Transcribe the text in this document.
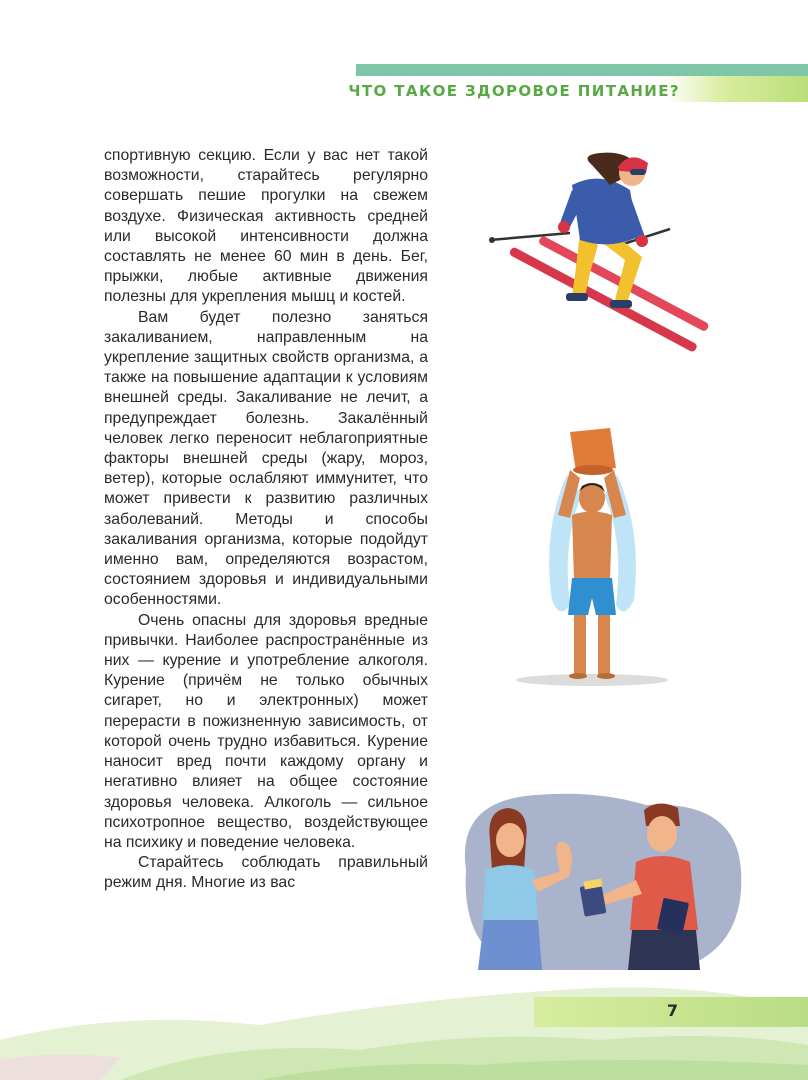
ЧТО ТАКОЕ ЗДОРОВОЕ ПИТАНИЕ?

спортивную секцию. Если у вас нет такой возможности, старайтесь регулярно совершать пешие прогулки на свежем воздухе. Физическая активность средней или высокой интенсивности должна составлять не менее 60 мин в день. Бег, прыжки, любые активные движения полезны для укрепления мышц и костей.

Вам будет полезно заняться закаливанием, направленным на укрепление защитных свойств организма, а также на повышение адаптации к условиям внешней среды. Закаливание не лечит, а предупреждает болезнь. Закалённый человек легко переносит неблагоприятные факторы внешней среды (жару, мороз, ветер), которые ослабляют иммунитет, что может привести к развитию различных заболеваний. Методы и способы закаливания организма, которые подойдут именно вам, определяются возрастом, состоянием здоровья и индивидуальными особенностями.

Очень опасны для здоровья вредные привычки. Наиболее распространённые из них — курение и употребление алкоголя. Курение (причём не только обычных сигарет, но и электронных) может перерасти в пожизненную зависимость, от которой очень трудно избавиться. Курение наносит вред почти каждому органу и негативно влияет на общее состояние здоровья человека. Алкоголь — сильное психотропное вещество, воздействующее на психику и поведение человека.

Старайтесь соблюдать правильный режим дня. Многие из вас

7
